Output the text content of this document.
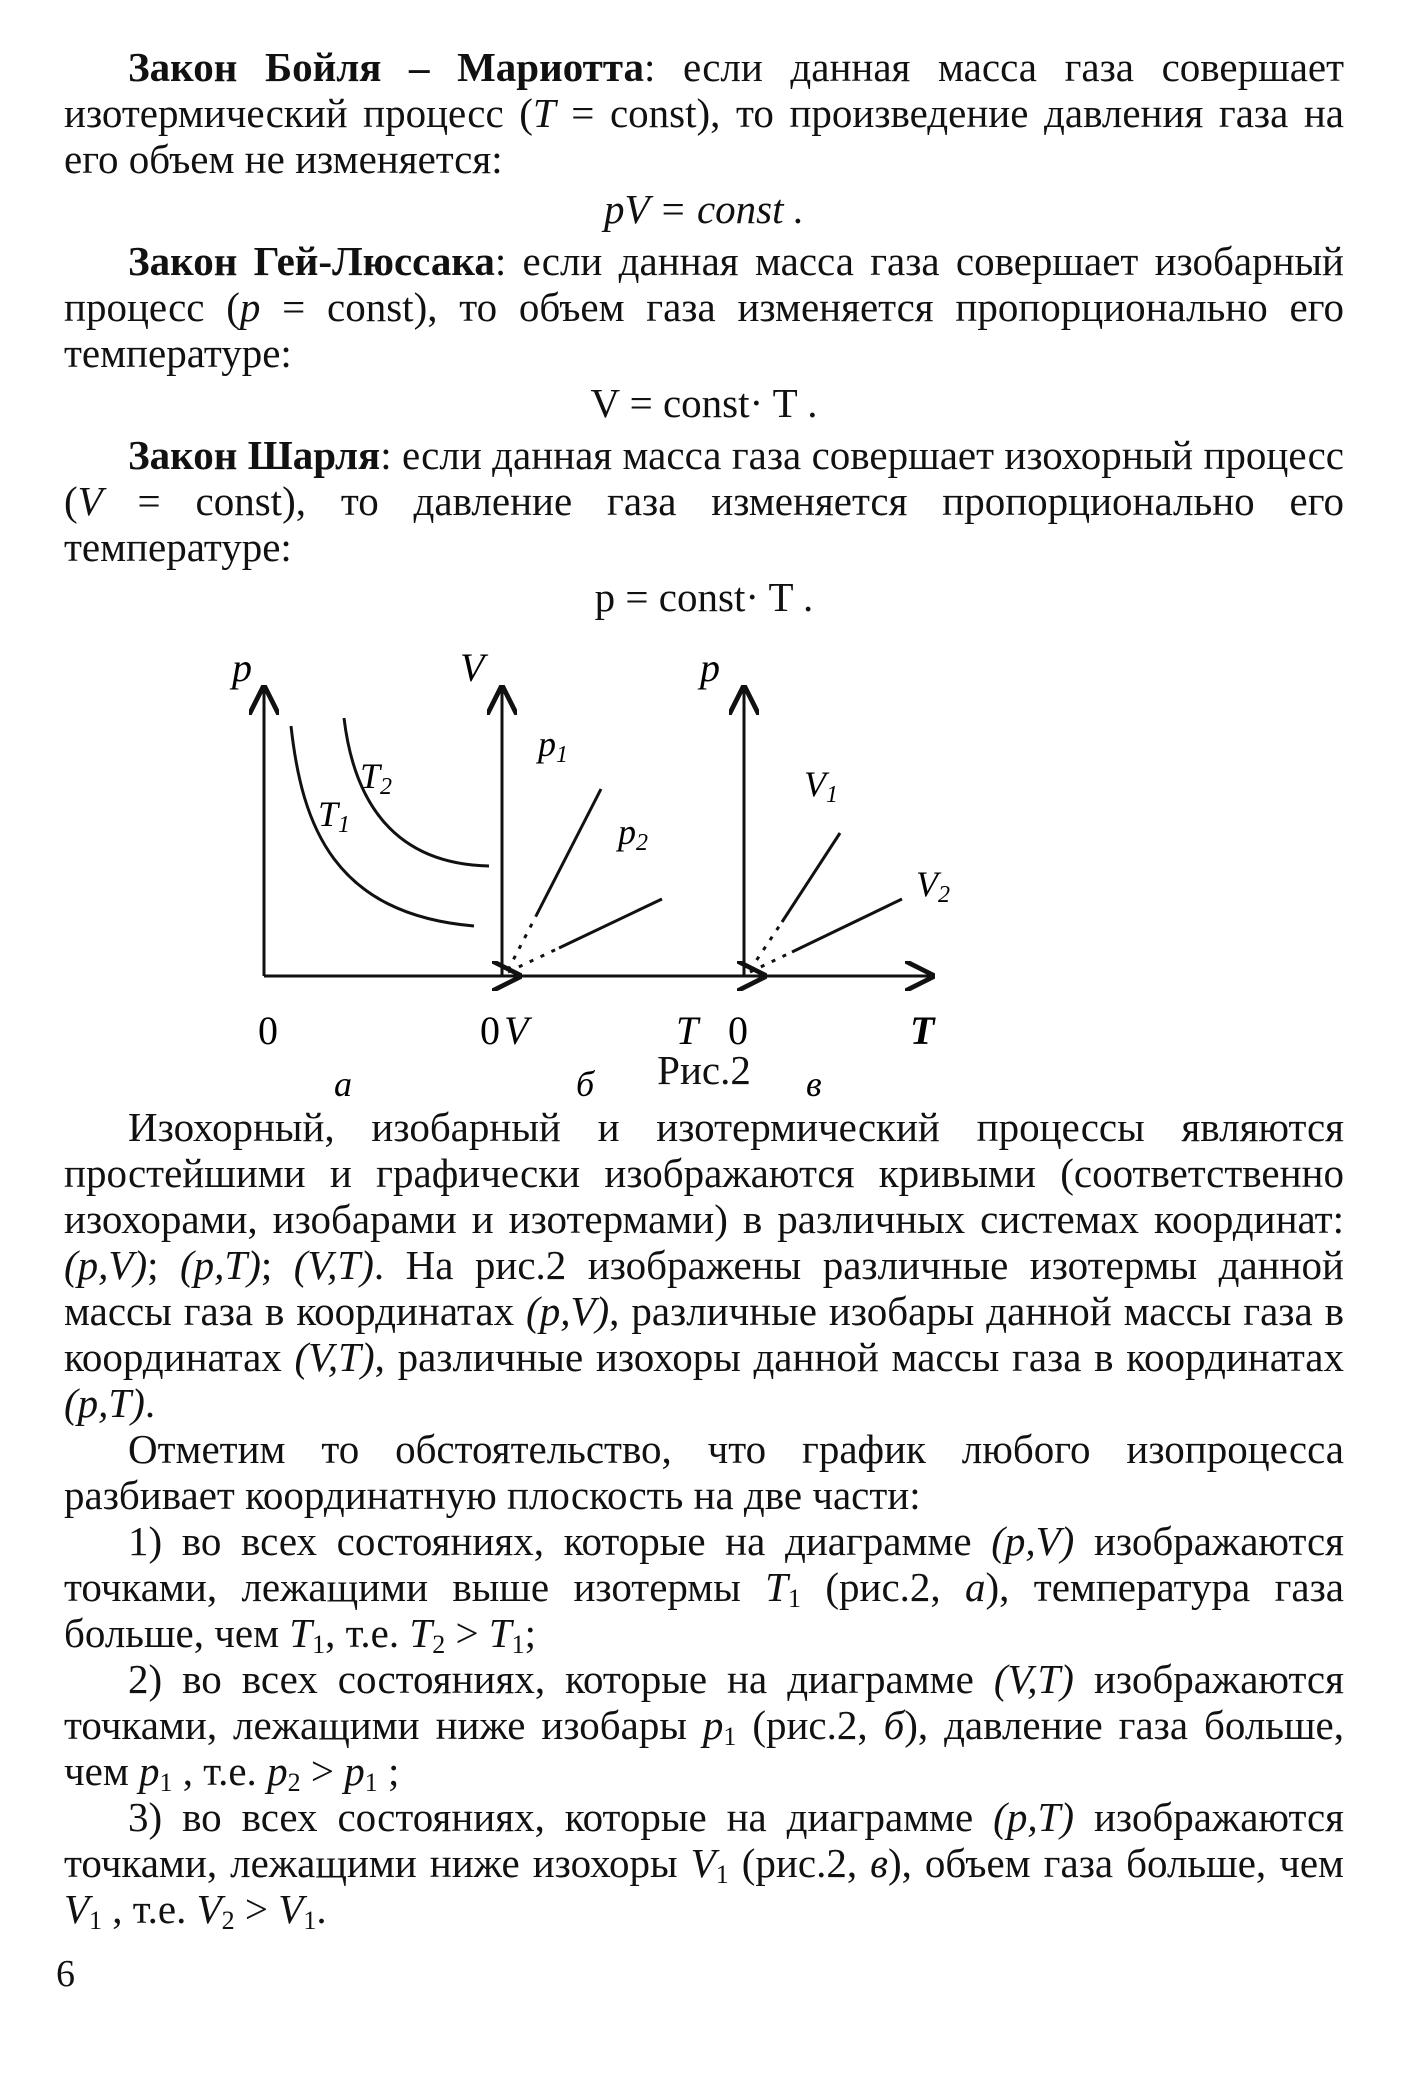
Закон Бойля – Мариотта: если данная масса газа совершает изотермический процесс (T = const), то произведение давления газа на его объем не изменяется:

pV = const .

Закон Гей-Люссака: если данная масса газа совершает изобарный процесс (p = const), то объем газа изменяется пропорционально его температуре:

V = const· T .

Закон Шарля: если данная масса газа совершает изохорный процесс (V = const), то давление газа изменяется пропорционально его температуре:

p = const· T .
p
V
0
T1
T2
V
T
0
p1
p2
p
T
0
V1
V2
а	б	в
Рис.2

Изохорный, изобарный и изотермический процессы являются простейшими и графически изображаются кривыми (соответственно изохорами, изобарами и изотермами) в различных системах координат: (p,V); (p,T); (V,T). На рис.2 изображены различные изотермы данной массы газа в координатах (p,V), различные изобары данной массы газа в координатах (V,T), различные изохоры данной массы газа в координатах (p,T).

Отметим то обстоятельство, что график любого изопроцесса разбивает координатную плоскость на две части:

1) во всех состояниях, которые на диаграмме (p,V) изображаются точками, лежащими выше изотермы $T_1$ (рис.2, а), температура газа больше, чем $T_1$, т.е. $T_2 > T_1$;

2) во всех состояниях, которые на диаграмме (V,T) изображаются точками, лежащими ниже изобары $p_1$ (рис.2, б), давление газа больше, чем $p_1$ , т.е. $p_2 > p_1$ ;

3) во всех состояниях, которые на диаграмме (p,T) изображаются точками, лежащими ниже изохоры $V_1$ (рис.2, в), объем газа больше, чем $V_1$ , т.е. $V_2 > V_1$.

6
